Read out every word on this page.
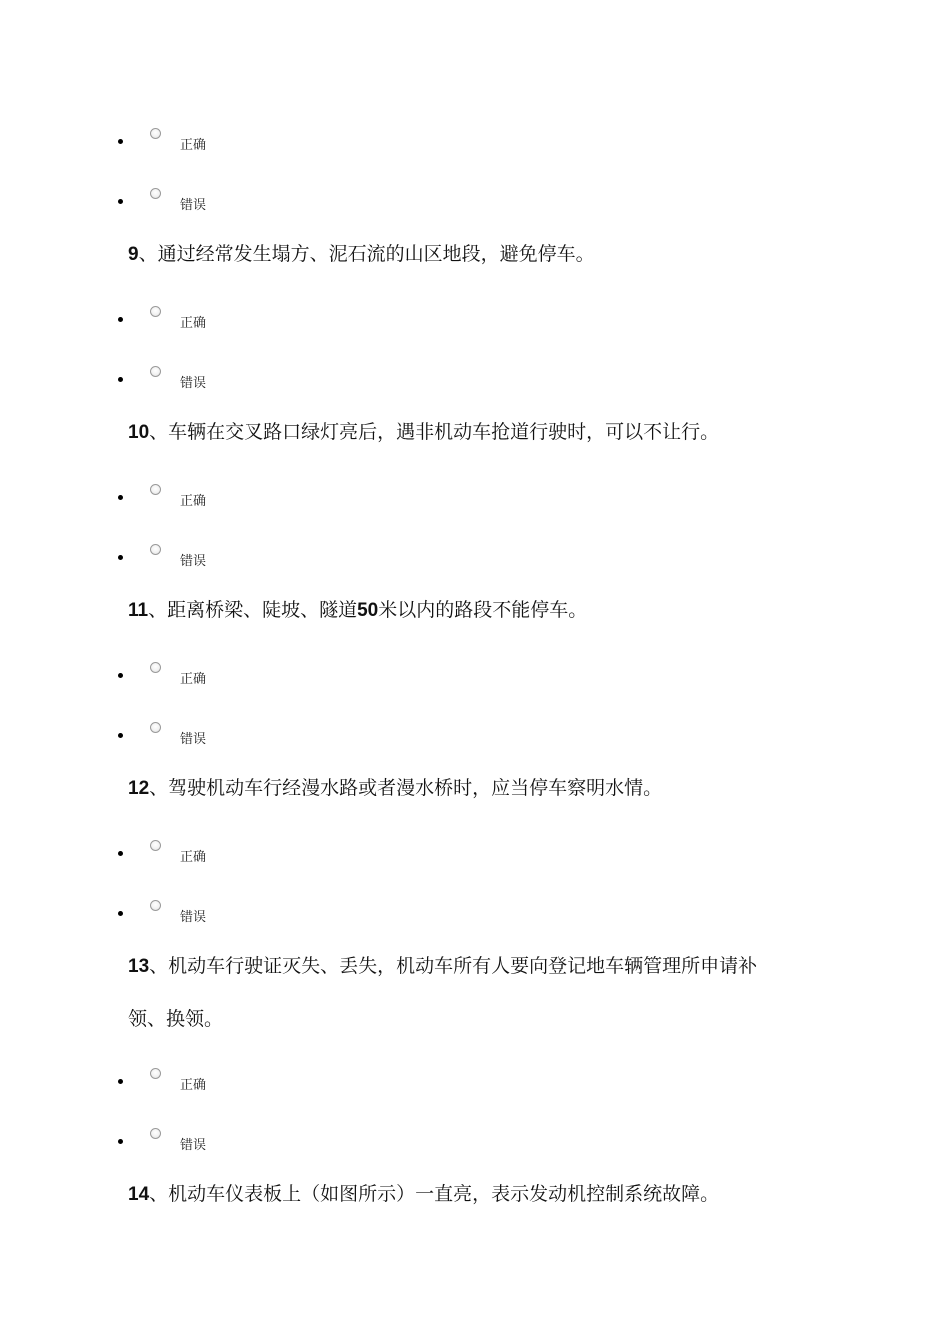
正确
错误
9、通过经常发生塌方、泥石流的山区地段，避免停车。
正确
错误
10、车辆在交叉路口绿灯亮后，遇非机动车抢道行驶时，可以不让行。
正确
错误
11、距离桥梁、陡坡、隧道50米以内的路段不能停车。
正确
错误
12、驾驶机动车行经漫水路或者漫水桥时，应当停车察明水情。
正确
错误
13、机动车行驶证灭失、丢失，机动车所有人要向登记地车辆管理所申请补
领、换领。
正确
错误
14、机动车仪表板上（如图所示）一直亮，表示发动机控制系统故障。
